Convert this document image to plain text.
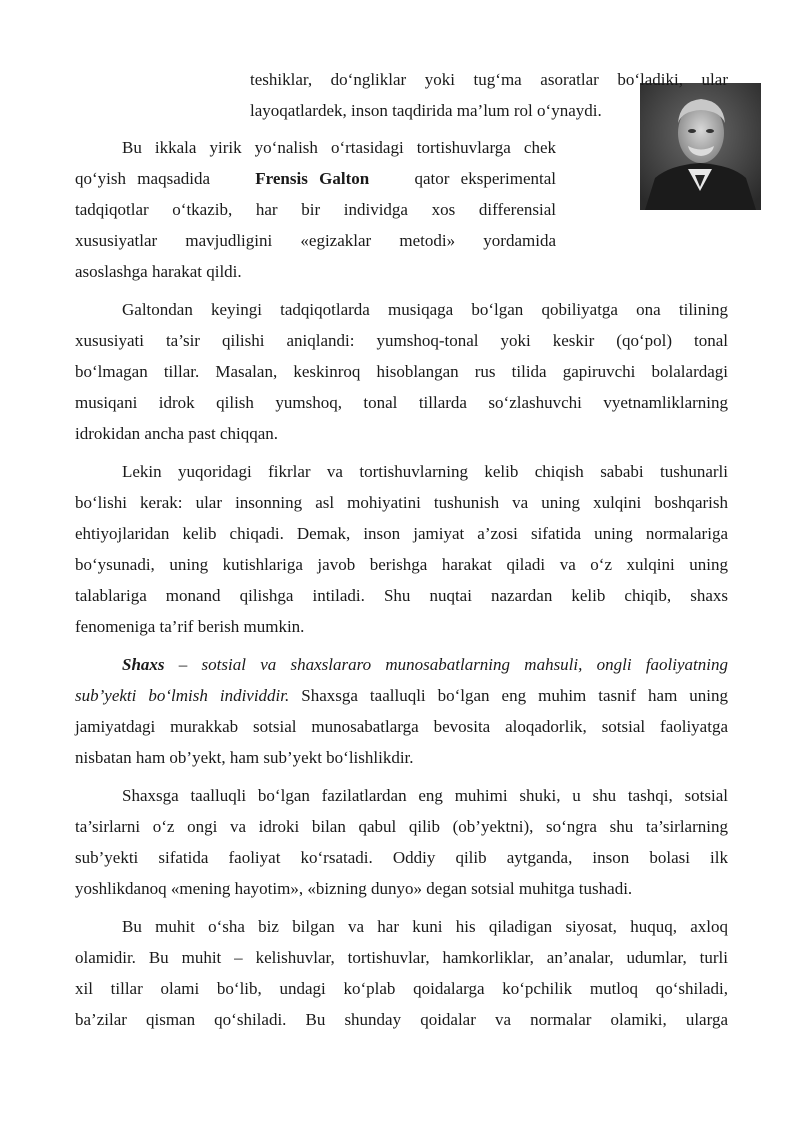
teshiklar, do‘ngliklar yoki tug‘ma asoratlar bo‘ladiki, ular
layoqatlardek, inson taqdirida ma’lum rol o‘ynaydi.
Bu ikkala yirik yo‘nalish o‘rtasidagi tortishuvlarga chek
qo‘yish maqsadida	Frensis Galton	qator eksperimental
tadqiqotlar o‘tkazib, har bir individga xos differensial
xususiyatlar mavjudligini «egizaklar metodi» yordamida
asoslashga harakat qildi.
Galtondan keyingi tadqiqotlarda musiqaga bo‘lgan qobiliyatga ona tilining
xususiyati ta’sir qilishi aniqlandi: yumshoq-tonal yoki keskir (qo‘pol) tonal
bo‘lmagan tillar. Masalan, keskinroq hisoblangan rus tilida gapiruvchi bolalardagi
musiqani idrok qilish yumshoq, tonal tillarda so‘zlashuvchi vyetnamliklarning
idrokidan ancha past chiqqan.
Lekin yuqoridagi fikrlar va tortishuvlarning kelib chiqish sababi tushunarli
bo‘lishi kerak: ular insonning asl mohiyatini tushunish va uning xulqini boshqarish
ehtiyojlaridan kelib chiqadi. Demak, inson jamiyat a’zosi sifatida uning normalariga
bo‘ysunadi, uning kutishlariga javob berishga harakat qiladi va o‘z xulqini uning
talablariga monand qilishga intiladi. Shu nuqtai nazardan kelib chiqib, shaxs
fenomeniga ta’rif berish mumkin.
Shaxs – sotsial va shaxslararo munosabatlarning mahsuli, ongli faoliyatning
sub’yekti bo‘lmish individdir. Shaxsga taalluqli bo‘lgan eng muhim tasnif ham uning
jamiyatdagi murakkab sotsial munosabatlarga bevosita aloqadorlik, sotsial faoliyatga
nisbatan ham ob’yekt, ham sub’yekt bo‘lishlikdir.
Shaxsga taalluqli bo‘lgan fazilatlardan eng muhimi shuki, u shu tashqi, sotsial
ta’sirlarni o‘z ongi va idroki bilan qabul qilib (ob’yektni), so‘ngra shu ta’sirlarning
sub’yekti sifatida faoliyat ko‘rsatadi. Oddiy qilib aytganda, inson bolasi ilk
yoshlikdanoq «mening hayotim», «bizning dunyo» degan sotsial muhitga tushadi.
Bu muhit o‘sha biz bilgan va har kuni his qiladigan siyosat, huquq, axloq
olamidir. Bu muhit – kelishuvlar, tortishuvlar, hamkorliklar, an’analar, udumlar, turli
xil tillar olami bo‘lib, undagi ko‘plab qoidalarga ko‘pchilik mutloq qo‘shiladi,
ba’zilar qisman qo‘shiladi. Bu shunday qoidalar va normalar olamiki, ularga
